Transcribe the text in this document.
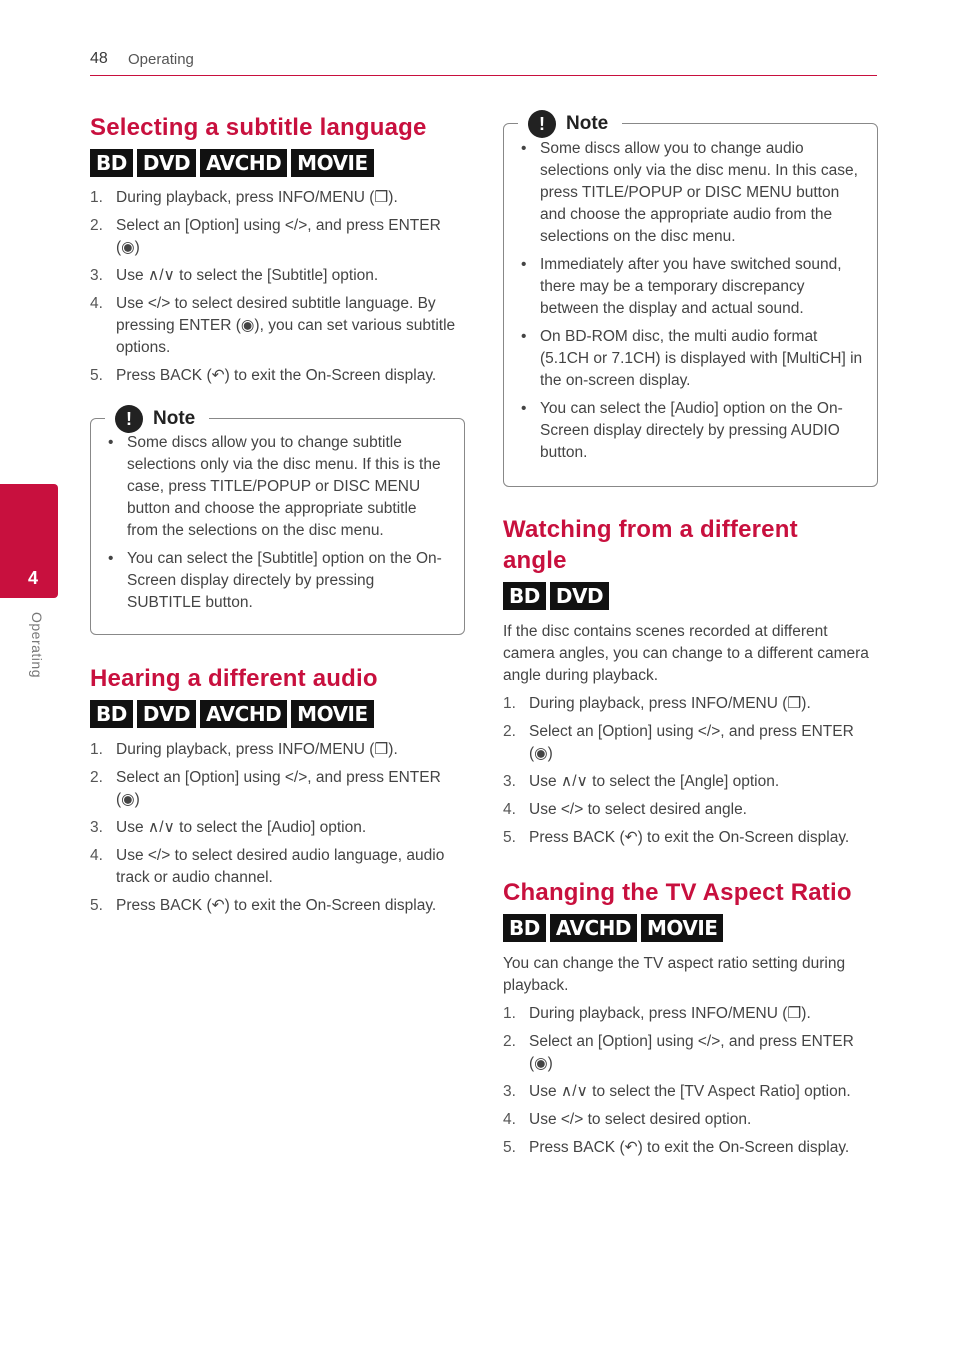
48 Operating
4
Operating
Selecting a subtitle language
BD DVD AVCHD MOVIE
1. During playback, press INFO/MENU (❒).
2. Select an [Option] using </>, and press ENTER (◉)
3. Use ∧/∨ to select the [Subtitle] option.
4. Use </> to select desired subtitle language. By pressing ENTER (◉), you can set various subtitle options.
5. Press BACK (↶) to exit the On-Screen display.
!	Note
• Some discs allow you to change subtitle selections only via the disc menu. If this is the case, press TITLE/POPUP or DISC MENU button and choose the appropriate subtitle from the selections on the disc menu.
• You can select the [Subtitle] option on the On-Screen display directely by pressing SUBTITLE button.
Hearing a different audio
BD DVD AVCHD MOVIE
1. During playback, press INFO/MENU (❒).
2. Select an [Option] using </>, and press ENTER (◉)
3. Use ∧/∨ to select the [Audio] option.
4. Use </> to select desired audio language, audio track or audio channel.
5. Press BACK (↶) to exit the On-Screen display.
!	Note
• Some discs allow you to change audio selections only via the disc menu. In this case, press TITLE/POPUP or DISC MENU button and choose the appropriate audio from the selections on the disc menu.
• Immediately after you have switched sound, there may be a temporary discrepancy between the display and actual sound.
• On BD-ROM disc, the multi audio format (5.1CH or 7.1CH) is displayed with [MultiCH] in the on-screen display.
• You can select the [Audio] option on the On-Screen display directely by pressing AUDIO button.
Watching from a different angle
BD DVD

If the disc contains scenes recorded at different camera angles, you can change to a different camera angle during playback.

1. During playback, press INFO/MENU (❒).
2. Select an [Option] using </>, and press ENTER (◉)
3. Use ∧/∨ to select the [Angle] option.
4. Use </> to select desired angle.
5. Press BACK (↶) to exit the On-Screen display.
Changing the TV Aspect Ratio
BD AVCHD MOVIE

You can change the TV aspect ratio setting during playback.

1. During playback, press INFO/MENU (❒).
2. Select an [Option] using </>, and press ENTER (◉)
3. Use ∧/∨ to select the [TV Aspect Ratio] option.
4. Use </> to select desired option.
5. Press BACK (↶) to exit the On-Screen display.
